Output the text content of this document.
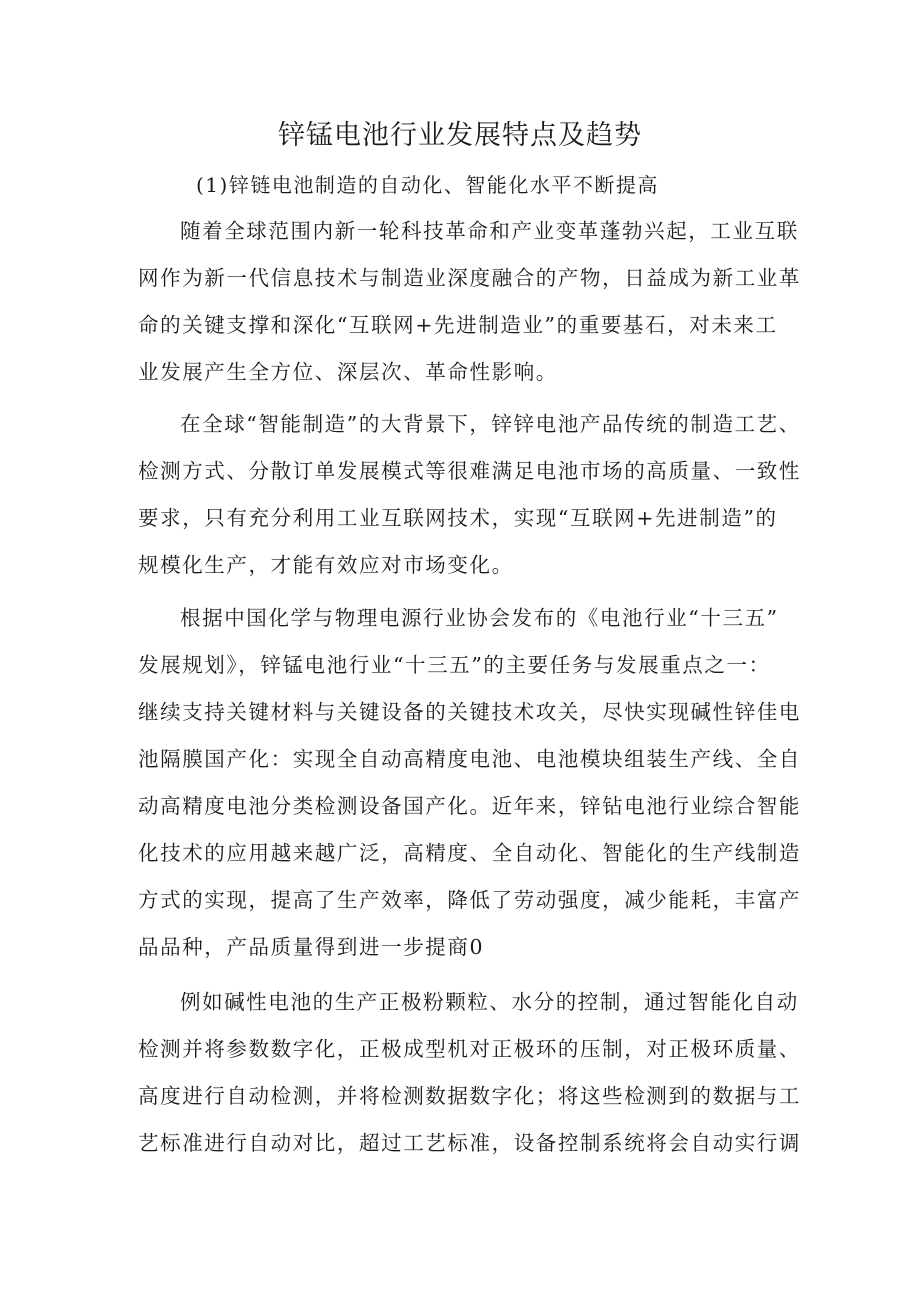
锌锰电池行业发展特点及趋势

(1)锌链电池制造的自动化、智能化水平不断提高

随着全球范围内新一轮科技革命和产业变革蓬勃兴起，工业互联
网作为新一代信息技术与制造业深度融合的产物，日益成为新工业革
命的关键支撑和深化“互联网+先进制造业”的重要基石，对未来工
业发展产生全方位、深层次、革命性影响。
在全球“智能制造”的大背景下，锌锌电池产品传统的制造工艺、
检测方式、分散订单发展模式等很难满足电池市场的高质量、一致性
要求，只有充分利用工业互联网技术，实现“互联网+先进制造”的
规模化生产，才能有效应对市场变化。
根据中国化学与物理电源行业协会发布的《电池行业“十三五”
发展规划》，锌锰电池行业“十三五”的主要任务与发展重点之一：
继续支持关键材料与关键设备的关键技术攻关，尽快实现碱性锌佳电
池隔膜国产化：实现全自动高精度电池、电池模块组装生产线、全自
动高精度电池分类检测设备国产化。近年来，锌钻电池行业综合智能
化技术的应用越来越广泛，高精度、全自动化、智能化的生产线制造
方式的实现，提高了生产效率，降低了劳动强度，减少能耗，丰富产
品品种，产品质量得到进一步提商0
例如碱性电池的生产正极粉颗粒、水分的控制，通过智能化自动
检测并将参数数字化，正极成型机对正极环的压制，对正极环质量、
高度进行自动检测，并将检测数据数字化；将这些检测到的数据与工
艺标准进行自动对比，超过工艺标准，设备控制系统将会自动实行调
